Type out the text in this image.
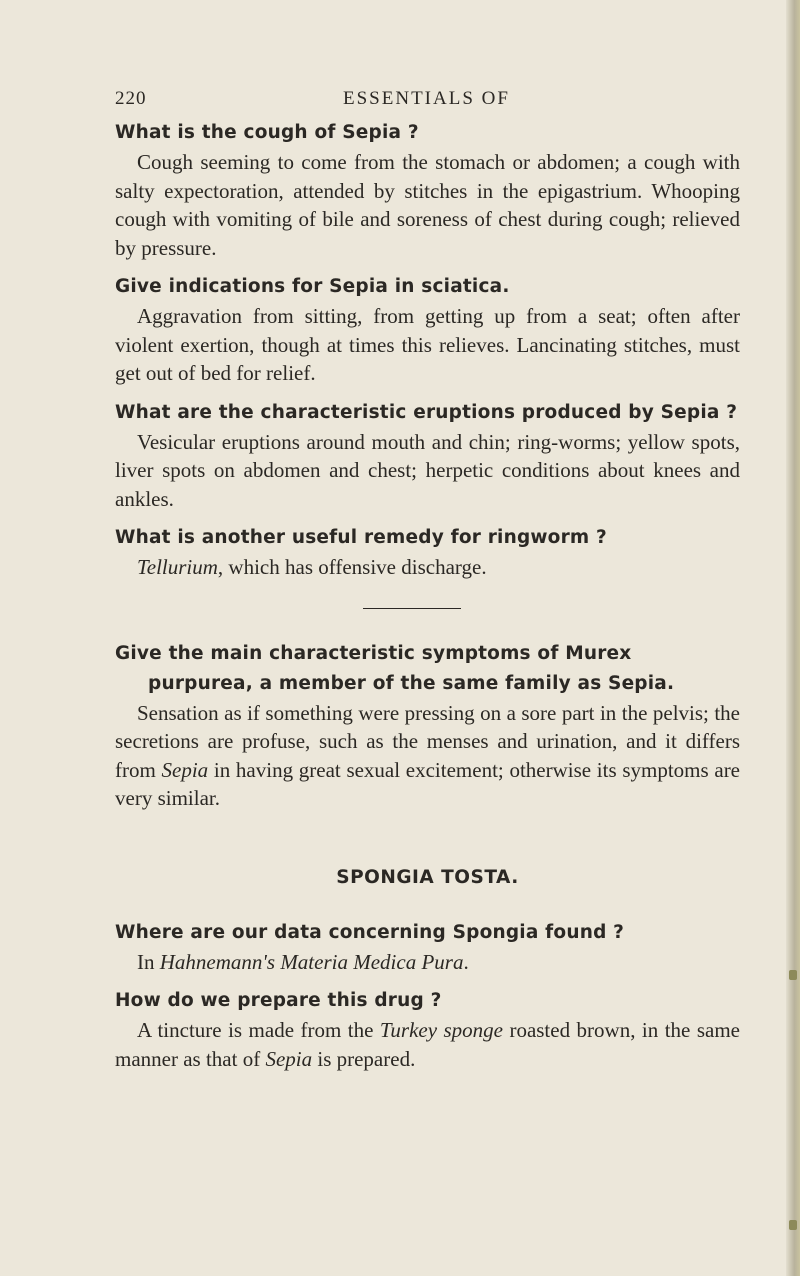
220	ESSENTIALS OF

What is the cough of Sepia ?

Cough seeming to come from the stomach or abdomen; a cough with salty expectoration, attended by stitches in the epigastrium. Whooping cough with vomiting of bile and soreness of chest during cough; relieved by pressure.

Give indications for Sepia in sciatica.

Aggravation from sitting, from getting up from a seat; often after violent exertion, though at times this relieves. Lancinating stitches, must get out of bed for relief.

What are the characteristic eruptions produced by Sepia ?

Vesicular eruptions around mouth and chin; ring-worms; yellow spots, liver spots on abdomen and chest; herpetic conditions about knees and ankles.

What is another useful remedy for ringworm ?

Tellurium, which has offensive discharge.

Give the main characteristic symptoms of Murex purpurea, a member of the same family as Sepia.

Sensation as if something were pressing on a sore part in the pelvis; the secretions are profuse, such as the menses and urination, and it differs from Sepia in having great sexual excitement; otherwise its symptoms are very similar.

SPONGIA TOSTA.

Where are our data concerning Spongia found ?

In Hahnemann's Materia Medica Pura.

How do we prepare this drug ?

A tincture is made from the Turkey sponge roasted brown, in the same manner as that of Sepia is prepared.
